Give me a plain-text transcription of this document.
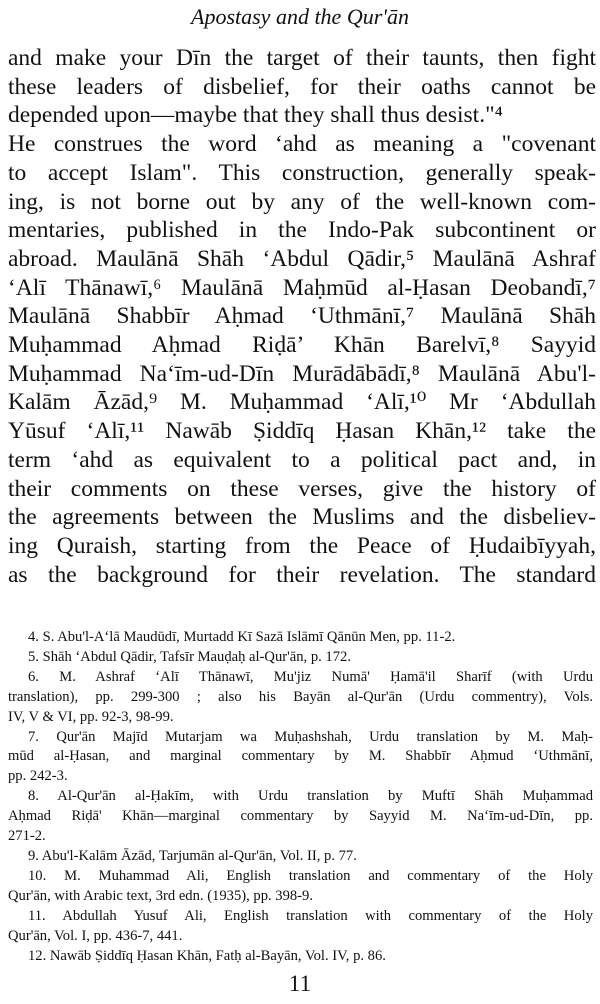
Apostasy and the Qur'ān
and make your Dīn the target of their taunts, then fight
these leaders of disbelief, for their oaths cannot be
depended upon—maybe that they shall thus desist."⁴
He construes the word ‘ahd as meaning a "covenant
to accept Islam". This construction, generally speak-
ing, is not borne out by any of the well-known com-
mentaries, published in the Indo-Pak subcontinent or
abroad. Maulānā Shāh ‘Abdul Qādir,⁵ Maulānā Ashraf
‘Alī Thānawī,⁶ Maulānā Maḥmūd al-Ḥasan Deobandī,⁷
Maulānā Shabbīr Aḥmad ‘Uthmānī,⁷ Maulānā Shāh
Muḥammad Aḥmad Riḍā’ Khān Barelvī,⁸ Sayyid
Muḥammad Na‘īm-ud-Dīn Murādābādī,⁸ Maulānā Abu'l-
Kalām Āzād,⁹ M. Muḥammad ‘Alī,¹⁰ Mr ‘Abdullah
Yūsuf ‘Alī,¹¹ Nawāb Ṣiddīq Ḥasan Khān,¹² take the
term ‘ahd as equivalent to a political pact and, in
their comments on these verses, give the history of
the agreements between the Muslims and the disbeliev-
ing Quraish, starting from the Peace of Ḥudaibīyyah,
as the background for their revelation. The standard
4. S. Abu'l-A‘lā Maudūdī, Murtadd Kī Sazā Islāmī Qānūn Men, pp. 11-2.
5. Shāh ‘Abdul Qādir, Tafsīr Mauḍaḥ al-Qur'ān, p. 172.
6. M. Ashraf ‘Alī Thānawī, Mu'jiz Numā' Ḥamā'il Sharīf (with Urdu
translation), pp. 299-300 ; also his Bayān al-Qur'ān (Urdu commentry), Vols.
IV, V & VI, pp. 92-3, 98-99.
7. Qur'ān Majīd Mutarjam wa Muḥashshah, Urdu translation by M. Maḥ-
mūd al-Ḥasan, and marginal commentary by M. Shabbīr Aḥmud ‘Uthmānī,
pp. 242-3.
8. Al-Qur'ān al-Ḥakīm, with Urdu translation by Muftī Shāh Muḥammad
Aḥmad Riḍā' Khān—marginal commentary by Sayyid M. Na‘īm-ud-Dīn, pp.
271-2.
9. Abu'l-Kalām Āzād, Tarjumān al-Qur'ān, Vol. II, p. 77.
10. M. Muhammad Ali, English translation and commentary of the Holy
Qur'ān, with Arabic text, 3rd edn. (1935), pp. 398-9.
11. Abdullah Yusuf Ali, English translation with commentary of the Holy
Qur'ān, Vol. I, pp. 436-7, 441.
12. Nawāb Ṣiddīq Ḥasan Khān, Fatḥ al-Bayān, Vol. IV, p. 86.
11
